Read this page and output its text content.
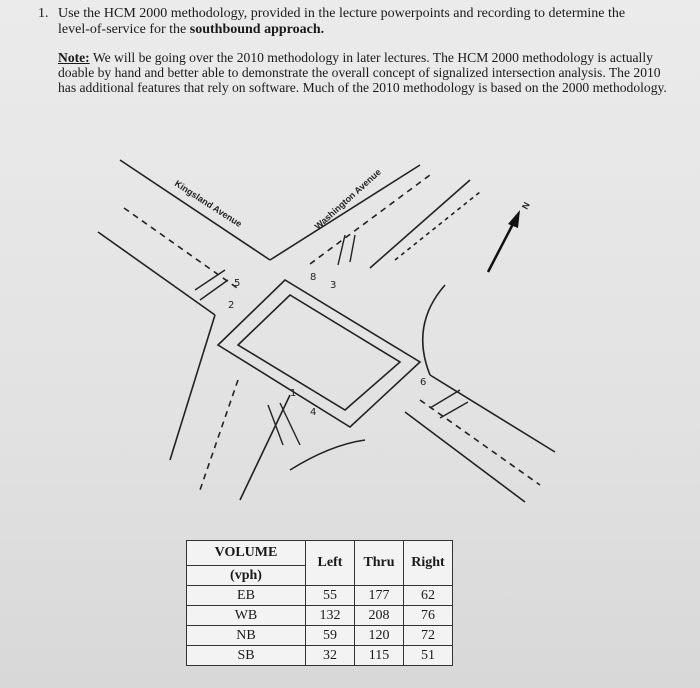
1. Use the HCM 2000 methodology, provided in the lecture powerpoints and recording to determine the level-of-service for the southbound approach.
Note: We will be going over the 2010 methodology in later lectures. The HCM 2000 methodology is actually doable by hand and better able to demonstrate the overall concept of signalized intersection analysis. The 2010 has additional features that rely on software. Much of the 2010 methodology is based on the 2000 methodology.
N
Kingsland Avenue	Washington Avenue
5
2
8
3
1
4
6
VOLUME	Left	Thru	Right
(vph)			
EB	55	177	62
WB	132	208	76
NB	59	120	72
SB	32	115	51
